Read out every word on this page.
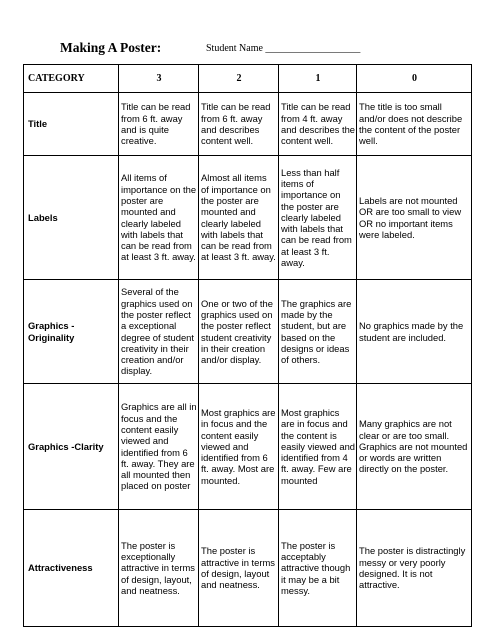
Making A Poster:	Student Name ___________________
CATEGORY	3	2	1	0
Title	Title can be read from 6 ft. away and is quite creative.	Title can be read from 6 ft. away and describes content well.	Title can be read from 4 ft. away and describes the content well.	The title is too small and/or does not describe the content of the poster well.
Labels	All items of importance on the poster are mounted and clearly labeled with labels that can be read from at least 3 ft. away.	Almost all items of importance on the poster are mounted and clearly labeled with labels that can be read from at least 3 ft. away.	Less than half items of importance on the poster are clearly labeled with labels that can be read from at least 3 ft. away.	Labels are not mounted OR are too small to view OR no important items were labeled.
Graphics - Originality	Several of the graphics used on the poster reflect a exceptional degree of student creativity in their creation and/or display.	One or two of the graphics used on the poster reflect student creativity in their creation and/or display.	The graphics are made by the student, but are based on the designs or ideas of others.	No graphics made by the student are included.
Graphics -Clarity	Graphics are all in focus and the content easily viewed and identified from 6 ft. away. They are all mounted then placed on poster	Most graphics are in focus and the content easily viewed and identified from 6 ft. away. Most are mounted.	Most graphics are in focus and the content is easily viewed and identified from 4 ft. away. Few are mounted	Many graphics are not clear or are too small. Graphics are not mounted or words are written directly on the poster.
Attractiveness	The poster is exceptionally attractive in terms of design, layout, and neatness.	The poster is attractive in terms of design, layout and neatness.	The poster is acceptably attractive though it may be a bit messy.	The poster is distractingly messy or very poorly designed. It is not attractive.
